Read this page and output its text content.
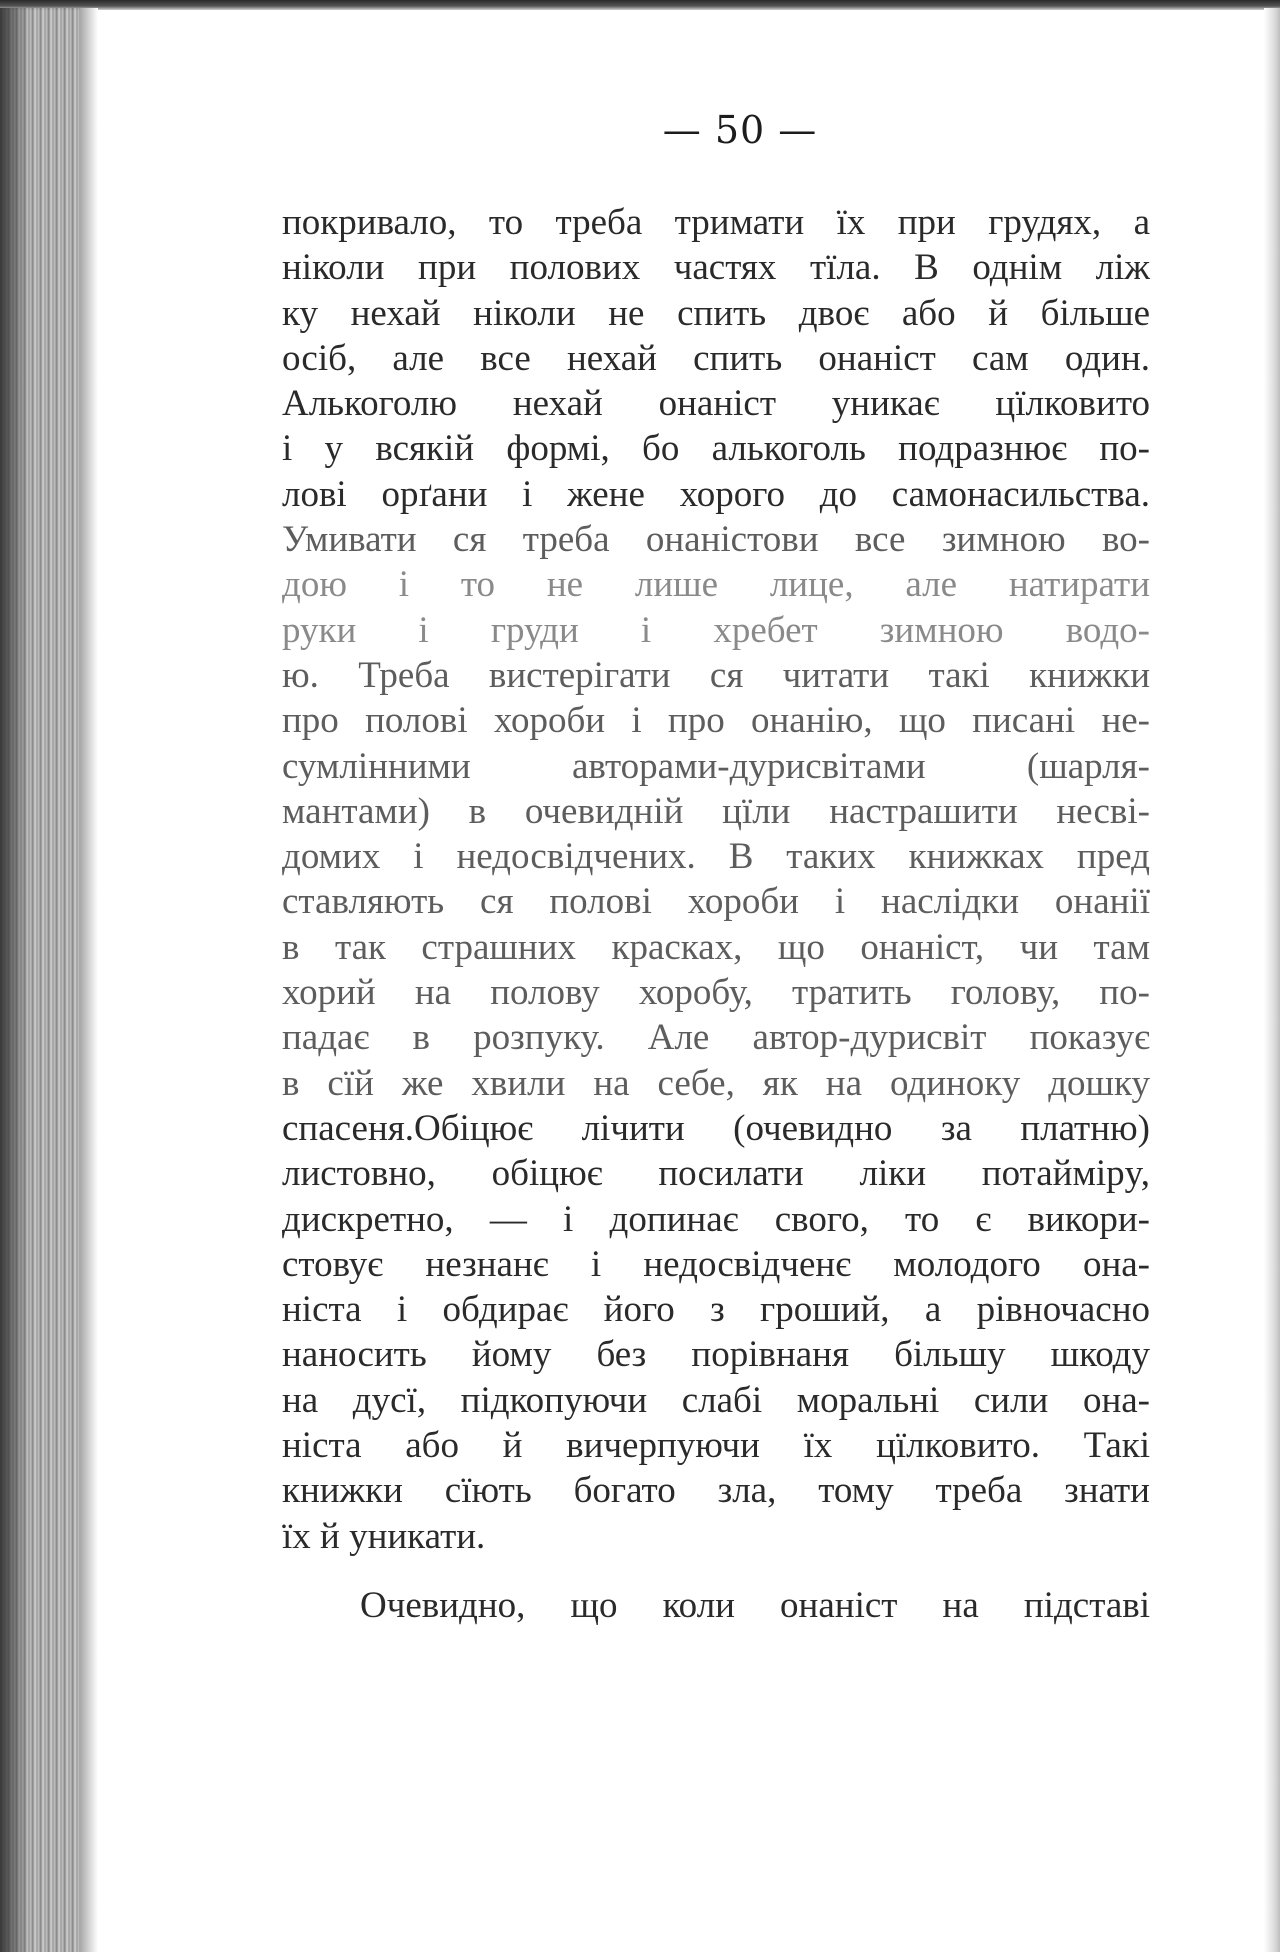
— 50 —
покривало, то треба тримати їх при грудях, а
ніколи при полових частях тїла. В однім ліж
ку нехай ніколи не спить двоє або й більше
осіб, але все нехай спить онаніст сам один.
Алькоголю нехай онаніст уникає цїлковито
і у всякій формі, бо алькоголь подразнює по-
лові орґани і жене хорого до самонасильства.
Умивати ся треба онаністови все зимною во-
дою і то не лише лице, але натирати
руки і груди і хребет зимною водо-
ю. Треба вистерігати ся читати такі книжки
про полові хороби і про онанію, що писані не-
сумлінними авторами-дурисвітами (шарля-
мантами) в очевидній цїли настрашити несві-
домих і недосвідчених. В таких книжках пред
ставляють ся полові хороби і наслідки онанії
в так страшних красках, що онаніст, чи там
хорий на полову хоробу, тратить голову, по-
падає в розпуку. Але автор-дурисвіт показує
в сїй же хвили на себе, як на одиноку дошку
спасеня.Обіцює лічити (очевидно за платню)
листовно, обіцює посилати ліки потаймірy,
дискретно, — і допинає свого, то є викори-
стовує незнанє і недосвідченє молодого она-
ніста і обдирає його з гроший, а рівночасно
наносить йому без порівнаня більшу шкоду
на дусї, підкопуючи слабі моральні сили она-
ніста або й вичерпуючи їх цїлковито. Такі
книжки сїють богато зла, тому треба знати
їх й уникати.
Очевидно, що коли онаніст на підставі
